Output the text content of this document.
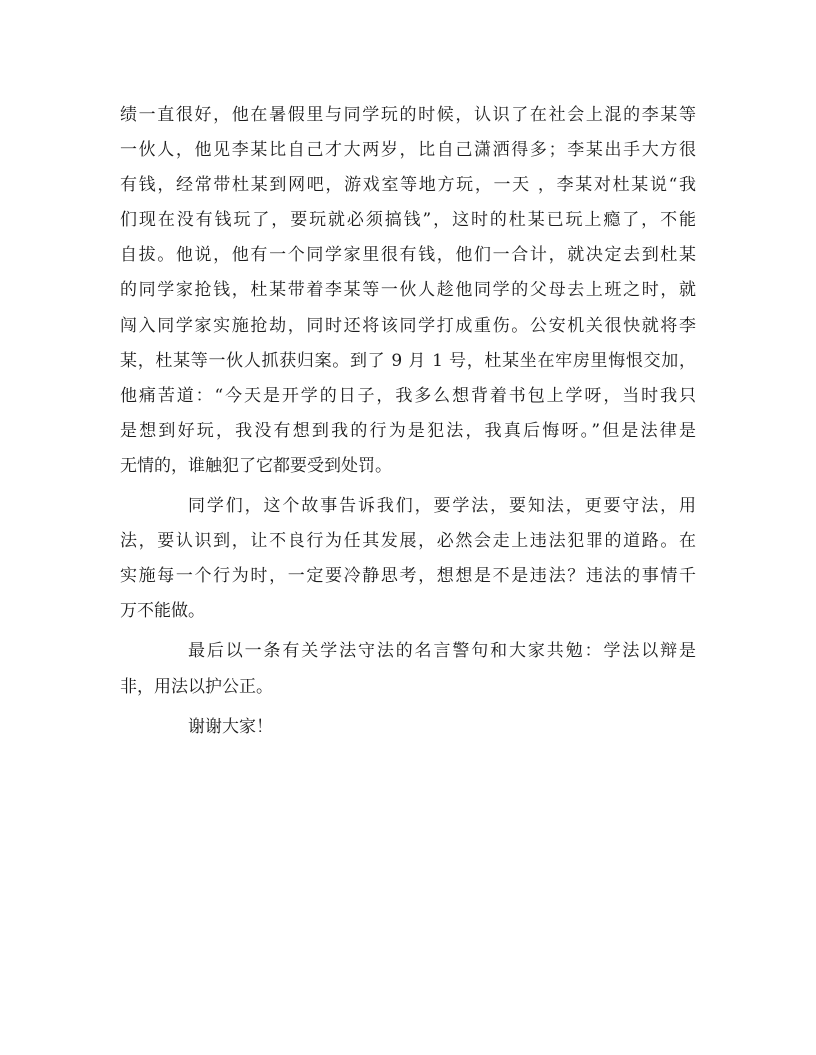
绩一直很好，他在暑假里与同学玩的时候，认识了在社会上混的李某等
一伙人，他见李某比自己才大两岁，比自己潇洒得多；李某出手大方很
有钱，经常带杜某到网吧，游戏室等地方玩，一天 ，李某对杜某说“我
们现在没有钱玩了，要玩就必须搞钱”，这时的杜某已玩上瘾了，不能
自拔。他说，他有一个同学家里很有钱，他们一合计，就决定去到杜某
的同学家抢钱，杜某带着李某等一伙人趁他同学的父母去上班之时，就
闯入同学家实施抢劫，同时还将该同学打成重伤。公安机关很快就将李
某，杜某等一伙人抓获归案。到了 9 月 1 号，杜某坐在牢房里悔恨交加，
他痛苦道：“今天是开学的日子，我多么想背着书包上学呀，当时我只
是想到好玩，我没有想到我的行为是犯法，我真后悔呀。”但是法律是
无情的，谁触犯了它都要受到处罚。
同学们，这个故事告诉我们，要学法，要知法，更要守法，用
法，要认识到，让不良行为任其发展，必然会走上违法犯罪的道路。在
实施每一个行为时，一定要冷静思考，想想是不是违法？违法的事情千
万不能做。
最后以一条有关学法守法的名言警句和大家共勉：学法以辩是
非，用法以护公正。
谢谢大家！
